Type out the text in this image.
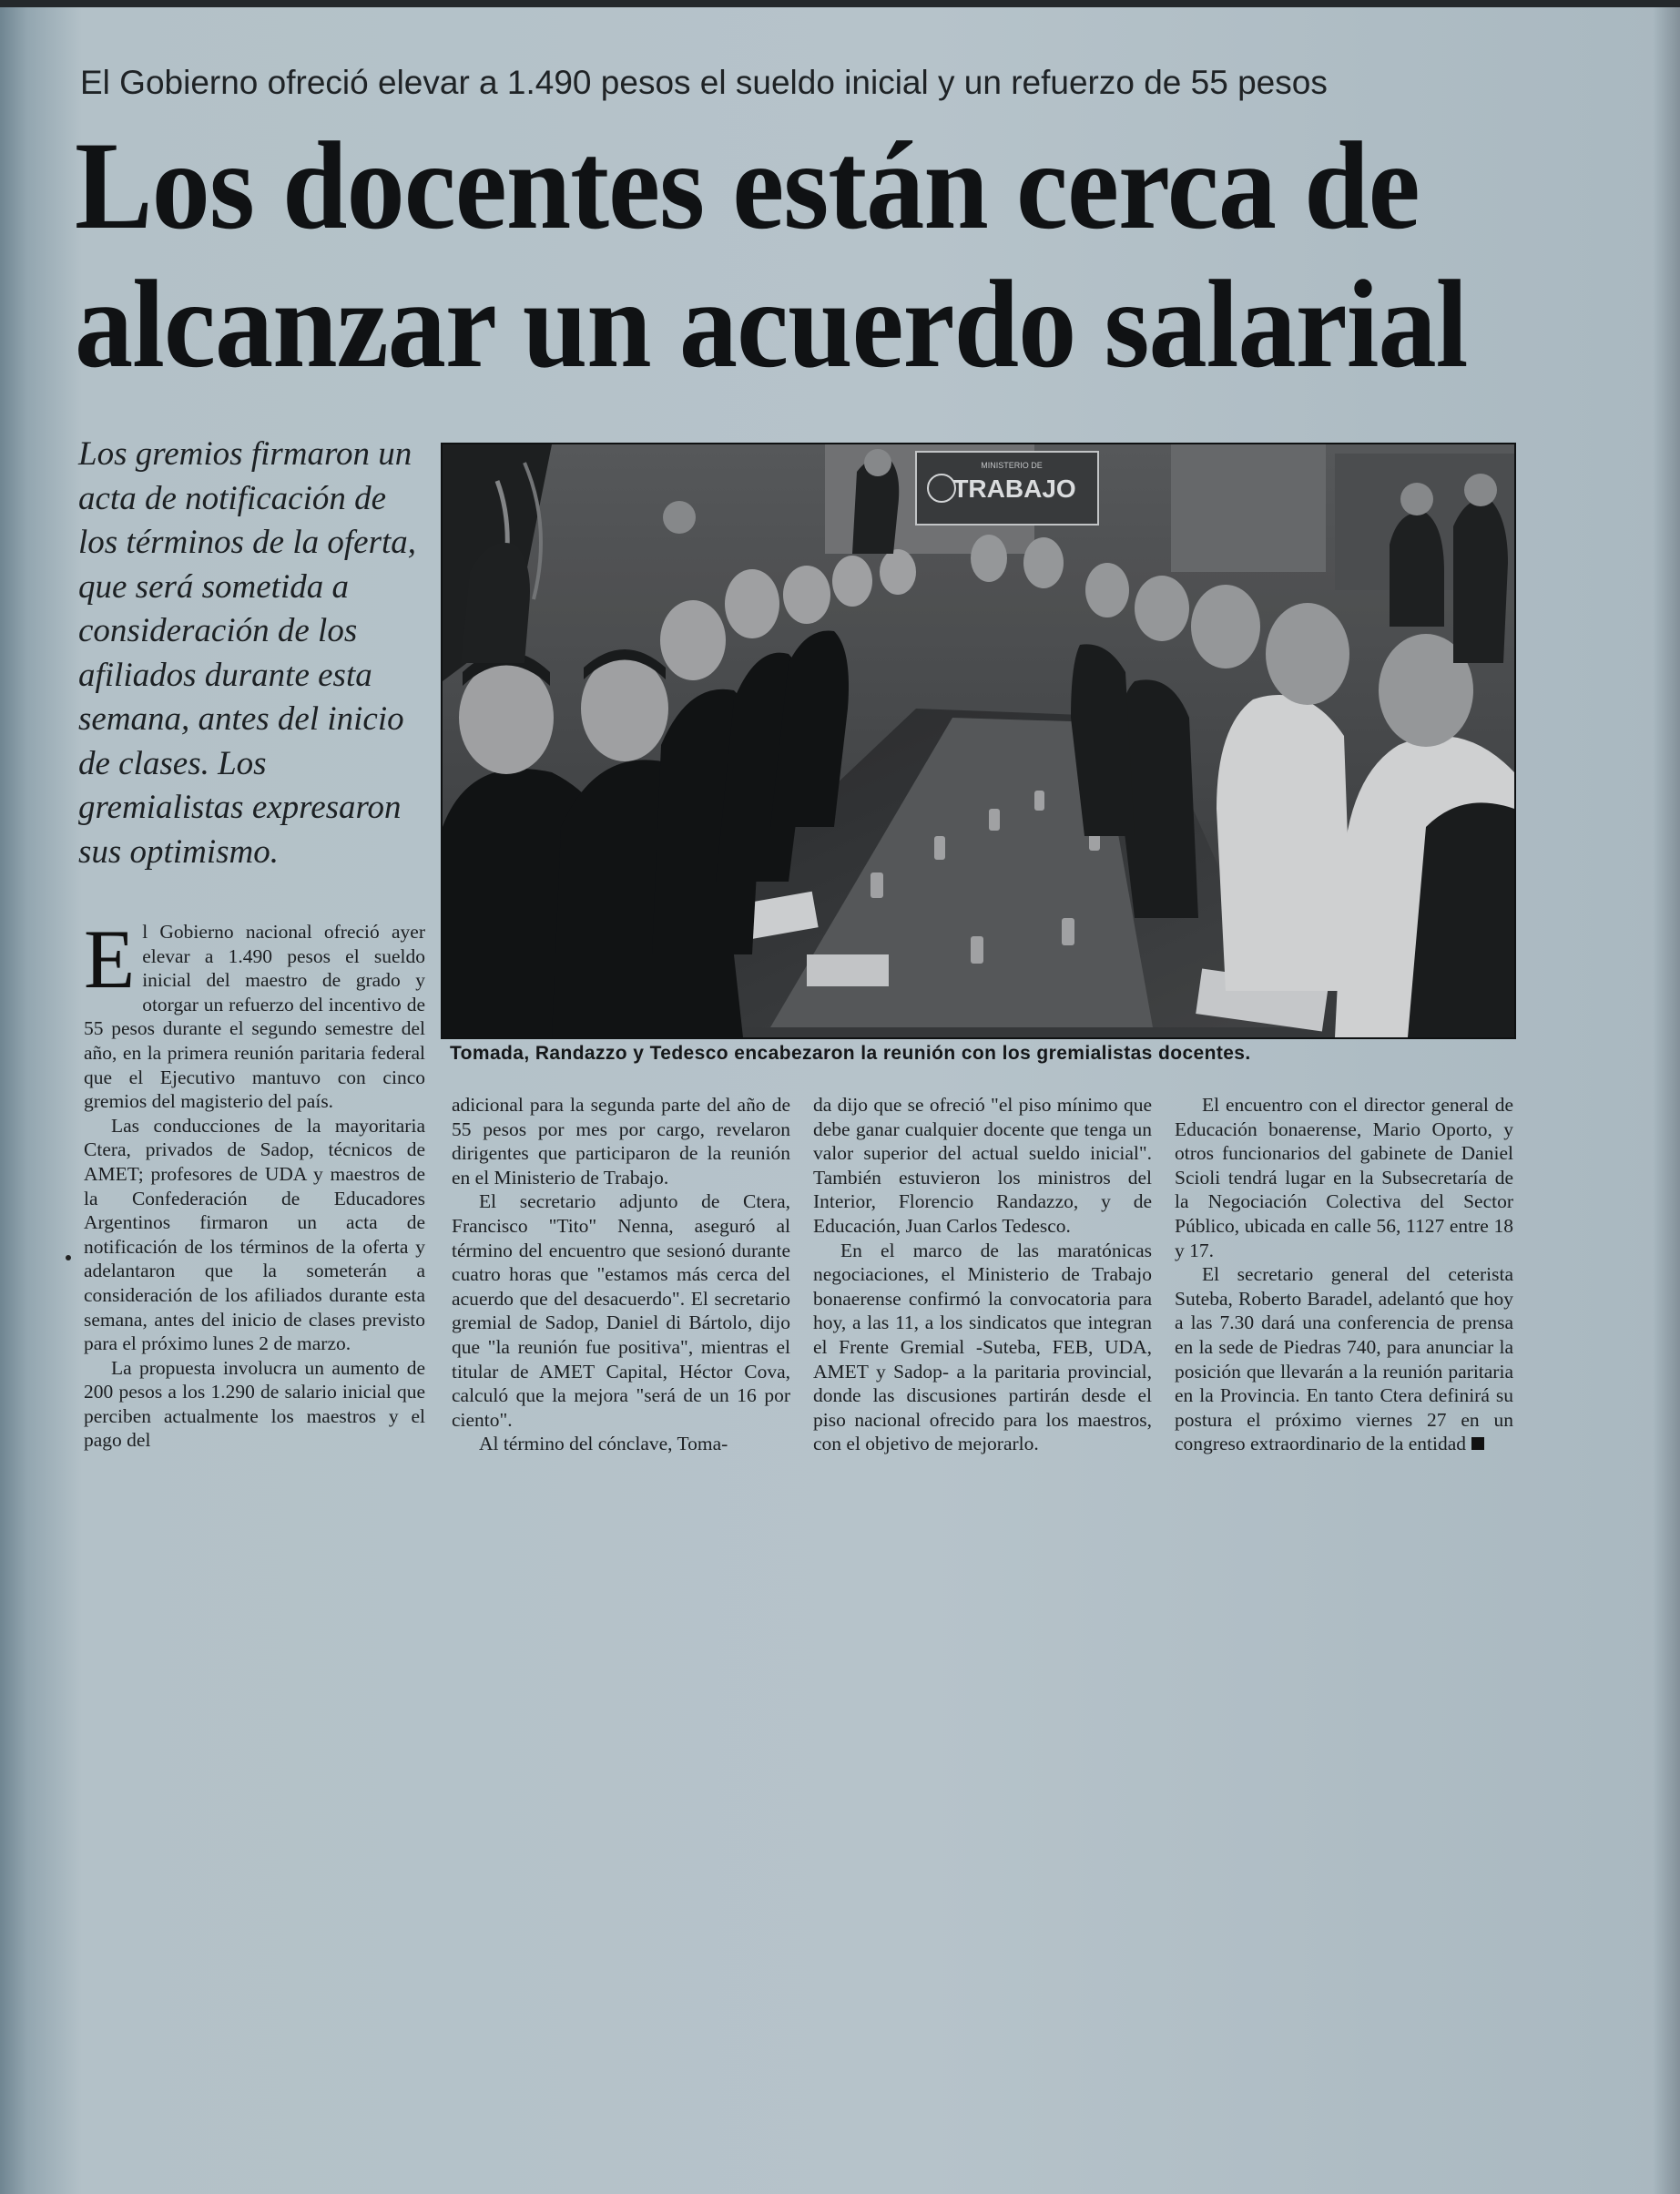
El Gobierno ofreció elevar a 1.490 pesos el sueldo inicial y un refuerzo de 55 pesos
Los docentes están cerca de
alcanzar un acuerdo salarial
Los gremios firmaron un
acta de notificación de
los términos de la oferta,
que será sometida a
consideración de los
afiliados durante esta
semana, antes del inicio
de clases. Los
gremialistas expresaron
sus optimismo.
MINISTERIO DE
TRABAJO
Tomada, Randazzo y Tedesco encabezaron la reunión con los gremialistas docentes.

El Gobierno nacional ofreció ayer elevar a 1.490 pesos el sueldo inicial del maestro de grado y otorgar un refuerzo del incentivo de 55 pesos durante el segundo semestre del año, en la primera reunión paritaria federal que el Ejecutivo mantuvo con cinco gremios del magisterio del país.

Las conducciones de la mayoritaria Ctera, privados de Sadop, técnicos de AMET; profesores de UDA y maestros de la Confederación de Educadores Argentinos firmaron un acta de notificación de los términos de la oferta y adelantaron que la someterán a consideración de los afiliados durante esta semana, antes del inicio de clases previsto para el próximo lunes 2 de marzo.

La propuesta involucra un aumento de 200 pesos a los 1.290 de salario inicial que perciben actualmente los maestros y el pago del

adicional para la segunda parte del año de 55 pesos por mes por cargo, revelaron dirigentes que participaron de la reunión en el Ministerio de Trabajo.

El secretario adjunto de Ctera, Francisco "Tito" Nenna, aseguró al término del encuentro que sesionó durante cuatro horas que "estamos más cerca del acuerdo que del desacuerdo". El secretario gremial de Sadop, Daniel di Bártolo, dijo que "la reunión fue positiva", mientras el titular de AMET Capital, Héctor Cova, calculó que la mejora "será de un 16 por ciento".

Al término del cónclave, Toma-

da dijo que se ofreció "el piso mínimo que debe ganar cualquier docente que tenga un valor superior del actual sueldo inicial". También estuvieron los ministros del Interior, Florencio Randazzo, y de Educación, Juan Carlos Tedesco.

En el marco de las maratónicas negociaciones, el Ministerio de Trabajo bonaerense confirmó la convocatoria para hoy, a las 11, a los sindicatos que integran el Frente Gremial -Suteba, FEB, UDA, AMET y Sadop- a la paritaria provincial, donde las discusiones partirán desde el piso nacional ofrecido para los maestros, con el objetivo de mejorarlo.

El encuentro con el director general de Educación bonaerense, Mario Oporto, y otros funcionarios del gabinete de Daniel Scioli tendrá lugar en la Subsecretaría de la Negociación Colectiva del Sector Público, ubicada en calle 56, 1127 entre 18 y 17.

El secretario general del ceterista Suteba, Roberto Baradel, adelantó que hoy a las 7.30 dará una conferencia de prensa en la sede de Piedras 740, para anunciar la posición que llevarán a la reunión paritaria en la Provincia. En tanto Ctera definirá su postura el próximo viernes 27 en un congreso extraordinario de la entidad
